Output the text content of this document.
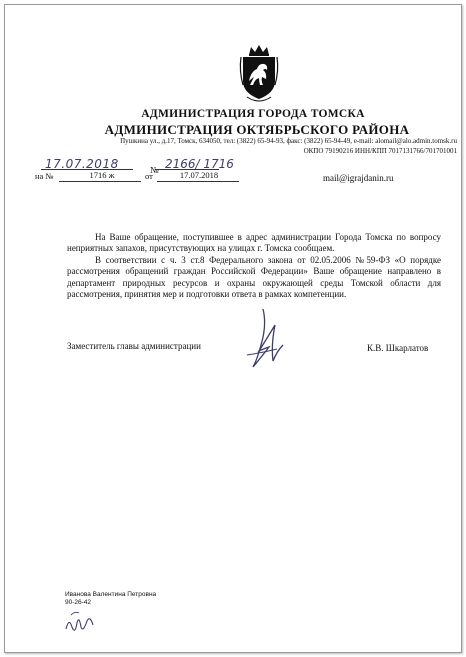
АДМИНИСТРАЦИЯ ГОРОДА ТОМСКА
АДМИНИСТРАЦИЯ ОКТЯБРЬСКОГО РАЙОНА
Пушкина ул., д.17, Томск, 634050, тел: (3822) 65-94-93, факс: (3822) 65-94-49, e-mail: alomail@alo.admin.tomsk.ru
ОКПО 79190216 ИНН/КПП 7017131766/701701001
17.07.2018	№ 2166/ 1716
на №	1716 ж	от	17.07.2018	mail@igrajdanin.ru
На Ваше обращение, поступившее в адрес администрации Города Томска по вопросу неприятных запахов, присутствующих на улицах г. Томска сообщаем.
В соответствии с ч. 3 ст.8 Федерального закона от 02.05.2006 №59-ФЗ «О порядке рассмотрения обращений граждан Российской Федерации» Ваше обращение направлено в департамент природных ресурсов и охраны окружающей среды Томской области для рассмотрения, принятия мер и подготовки ответа в рамках компетенции.
Заместитель главы администрации	К.В. Шкарлатов
Иванова Валентина Петровна
90-26-42
